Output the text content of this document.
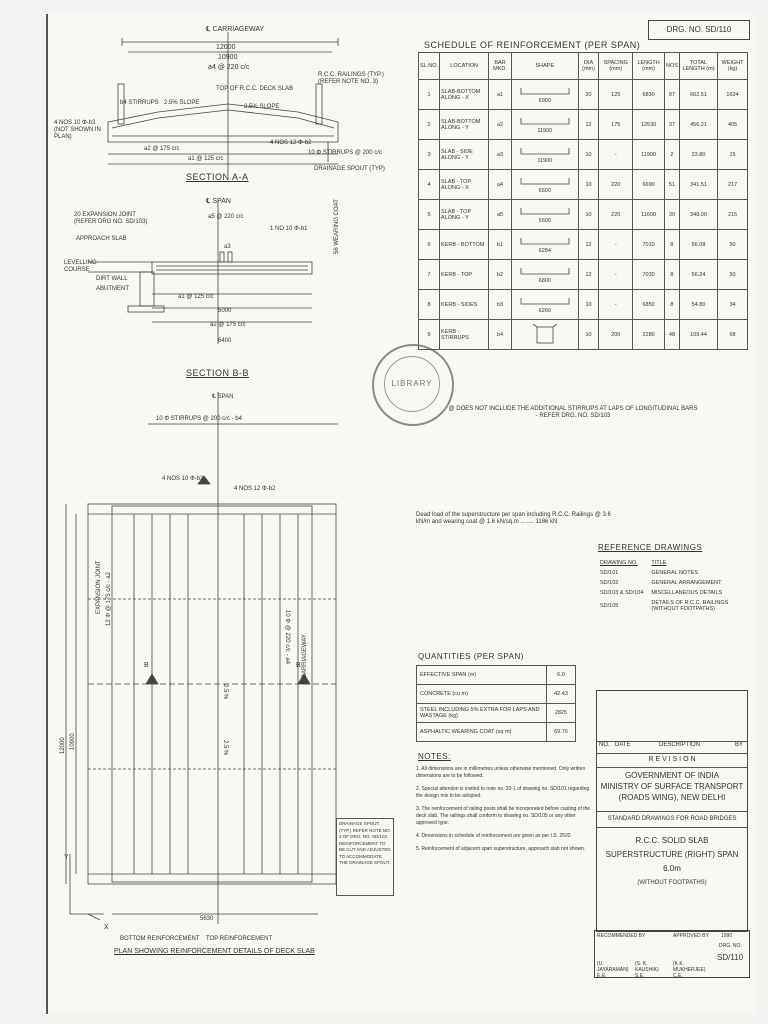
℄ CARRIAGEWAY
12000
10900
a4 @ 220 c/c
R.C.C. RAILINGS (TYP.) (REFER NOTE NO. 3)
TOP OF R.C.C. DECK SLAB
b4 STIRRUPS 2.5% SLOPE
2.5% SLOPE
4 NOS 10 Φ-b3 (NOT SHOWN IN PLAN)
a2 @ 175 c/c
a1 @ 125 c/c
4 NOS 12 Φ-b2
10 Φ STIRRUPS @ 200 c/c
DRAINAGE SPOUT (TYP)
SECTION A-A
℄ SPAN
20 EXPANSION JOINT (REFER DRG NO. SD/103)
a5 @ 220 c/c
1 NO 10 Φ-b1
APPROACH SLAB
a3
LEVELLING COURSE
56 WEARING COAT
DIRT WALL
ABUTMENT
a1 @ 125 c/c
5000
a2 @ 175 c/c
6400
SECTION B-B
℄ SPAN
10 Φ STIRRUPS @ 200 c/c - b4
4 NOS 10 Φ-b3
4 NOS 12 Φ-b2
EXPANSION JOINT 12 Φ @ 175 c/c - a2
10 Φ @ 220 c/c - a4 ℄ CARRIAGEWAY
B	B
12000 10900
2.5 %
2.5 %
Y
X
5630
BOTTOM REINFORCEMENT TOP REINFORCEMENT
PLAN SHOWING REINFORCEMENT DETAILS OF DECK SLAB
DRAINAGE SPOUT (TYP.) REFER NOTE NO. 2 OF DRG. NO. SD/102. REINFORCEMENT TO BE CUT AND ADJUSTED TO ACCOMMODATE THE DRAINAGE SPOUT.
LIBRARY
DRG. NO. SD/110
SCHEDULE OF REINFORCEMENT (PER SPAN)
SL.NO.	LOCATION	BAR MKD.	SHAPE	DIA (mm)	SPACING (mm)	LENGTH (mm)	NOS	TOTAL LENGTH (m)	WEIGHT (kg)
1	SLAB-BOTTOM ALONG - X	a1	6900	20	125	6830	97	662.51	1634
2	SLAB-BOTTOM ALONG - Y	a2	11900	12	175	12530	37	456.21	405
3	SLAB - SIDE ALONG - Y	a3	11900	10	-	11900	2	23.80	15
4	SLAB - TOP ALONG - X	a4	6500	10	220	6690	51	341.51	217
5	SLAB - TOP ALONG - Y	a5	5600	10	220	11600	30	348.00	215
6	KERB - BOTTOM	b1	6284	12	-	7010	8	56.08	50
7	KERB - TOP	b2	6800	12	-	7030	8	56.24	50
8	KERB - SIDES	b3	6260	10	-	6850	8	54.80	34
9	KERB - STIRRUPS	b4		10	200	2280	48	109.44	68
@ DOES NOT INCLUDE THE ADDITIONAL STIRRUPS AT LAPS OF LONGITUDINAL BARS - REFER DRG. NO. SD/103
Dead load of the superstructure per span including R.C.C. Railings @ 3.6 kN/m and wearing coat @ 1.6 kN/sq.m ........ 1186 kN
REFERENCE DRAWINGS
DRAWING NO.	TITLE
SD/101	GENERAL NOTES
SD/102	GENERAL ARRANGEMENT
SD/103 & SD/104	MISCELLANEOUS DETAILS
SD/105	DETAILS OF R.C.C. RAILINGS (WITHOUT FOOTPATHS)
QUANTITIES (PER SPAN)
EFFECTIVE SPAN (m)	6.0
CONCRETE (cu m)	42.43
STEEL INCLUDING 5% EXTRA FOR LAPS AND WASTAGE (kg)	2825
ASPHALTIC WEARING COAT (sq m)	69.76
NOTES:

1. All dimensions are in millimetres unless otherwise mentioned. Only written dimensions are to be followed.

2. Special attention is invited to note no. 20-1 of drawing no. SD/101 regarding the design mix to be adopted.

3. The reinforcement of railing posts shall be incorporated before casting of the deck slab. The railings shall conform to drawing no. SD/105 or any other approved type.

4. Dimensions in schedule of reinforcement are given as per I.S. 2502.

5. Reinforcement of adjacent span superstructure, approach slab not shown.

NO. DATE	DESCRIPTION	BY
R E V I S I O N
GOVERNMENT OF INDIA
MINISTRY OF SURFACE TRANSPORT
(ROADS WING), NEW DELHI
STANDARD DRAWINGS FOR ROAD BRIDGES
R.C.C. SOLID SLAB
SUPERSTRUCTURE (RIGHT) SPAN 6.0m
(WITHOUT FOOTPATHS)
RECOMMENDED BY	APPROVED BY 1990
(U. JAYARAMAN) E.E.
(S. K. KAUSHIK) S.E.
(K.K. MUKHERJEE) C.E.
DRG. NO.
SD/110
